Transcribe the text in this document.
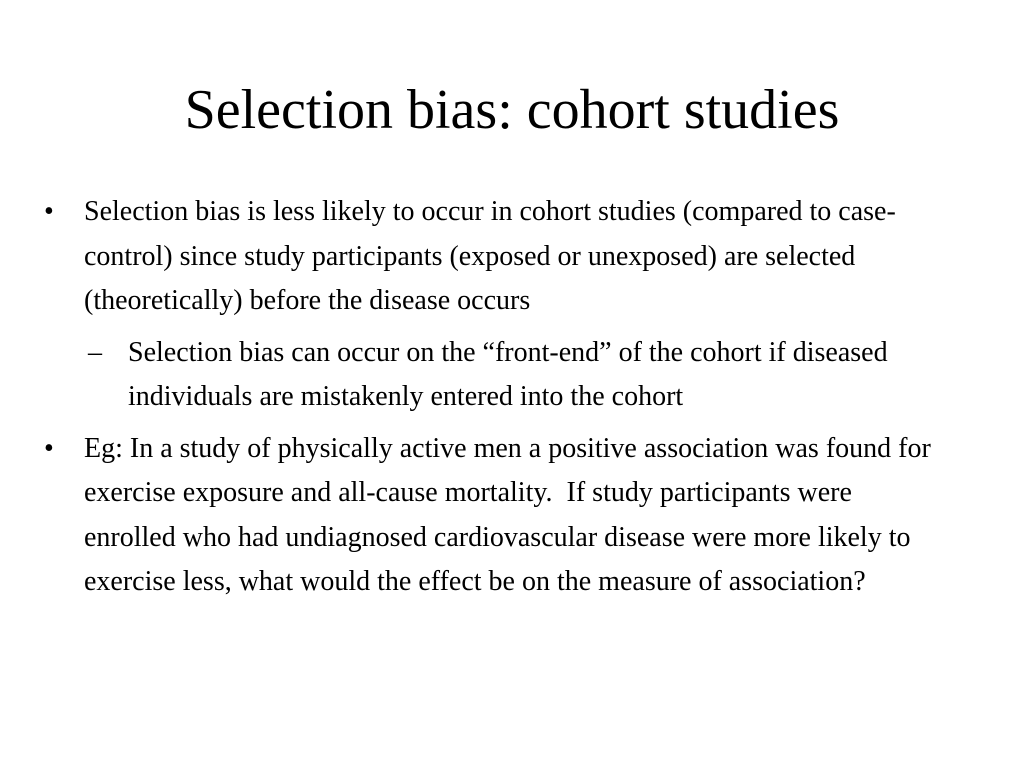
Selection bias: cohort studies
•	Selection bias is less likely to occur in cohort studies (compared to case-control) since study participants (exposed or unexposed) are selected (theoretically) before the disease occurs
– Selection bias can occur on the “front-end” of the cohort if diseased individuals are mistakenly entered into the cohort
•	Eg: In a study of physically active men a positive association was found for exercise exposure and all-cause mortality.  If study participants were enrolled who had undiagnosed cardiovascular disease were more likely to exercise less, what would the effect be on the measure of association?
